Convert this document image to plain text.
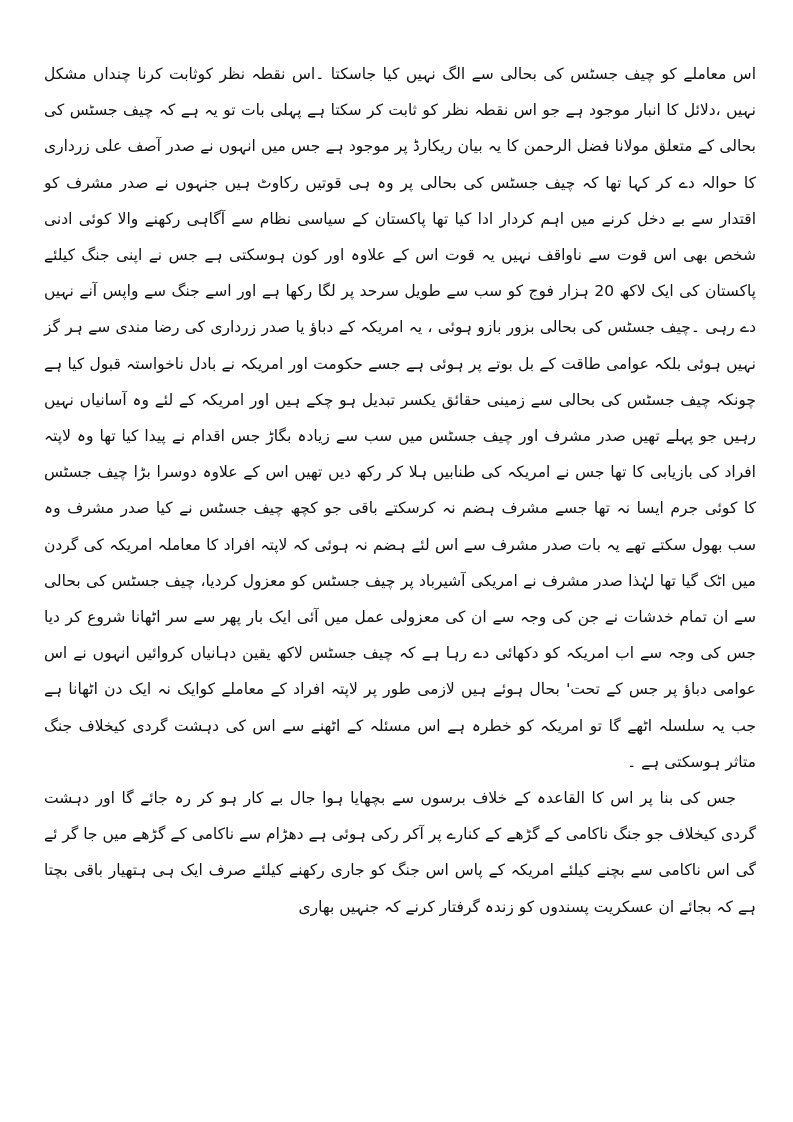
اس معاملے کو چیف جسٹس کی بحالی سے الگ نہیں کیا جاسکتا ۔اس نقطہ نظر کوثابت کرنا چنداں مشکل نہیں ،دلائل کا انبار موجود ہے جو اس نقطہ نظر کو ثابت کر سکتا ہے پہلی بات تو یہ ہے کہ چیف جسٹس کی بحالی کے متعلق مولانا فضل الرحمن کا یہ بیان ریکارڈ پر موجود ہے جس میں انہوں نے صدر آصف علی زرداری کا حوالہ دے کر کہا تھا کہ چیف جسٹس کی بحالی پر وہ ہی قوتیں رکاوٹ ہیں جنہوں نے صدر مشرف کو اقتدار سے بے دخل کرنے میں اہم کردار ادا کیا تھا پاکستان کے سیاسی نظام سے آگاہی رکھنے والا کوئی ادنی شخص بھی اس قوت سے ناواقف نہیں یہ قوت اس کے علاوہ اور کون ہوسکتی ہے جس نے اپنی جنگ کیلئے پاکستان کی ایک لاکھ 20 ہزار فوج کو سب سے طویل سرحد پر لگا رکھا ہے اور اسے جنگ سے واپس آنے نہیں دے رہی ۔چیف جسٹس کی بحالی بزور بازو ہوئی ، یہ امریکہ کے دباؤ یا صدر زرداری کی رضا مندی سے ہر گز نہیں ہوئی بلکہ عوامی طاقت کے بل بوتے پر ہوئی ہے جسے حکومت اور امریکہ نے بادل ناخواستہ قبول کیا ہے چونکہ چیف جسٹس کی بحالی سے زمینی حقائق یکسر تبدیل ہو چکے ہیں اور امریکہ کے لئے وہ آسانیاں نہیں رہیں جو پہلے تھیں صدر مشرف اور چیف جسٹس میں سب سے زیادہ بگاڑ جس اقدام نے پیدا کیا تھا وہ لاپتہ افراد کی بازیابی کا تھا جس نے امریکہ کی طنابیں ہلا کر رکھ دیں تھیں اس کے علاوہ دوسرا بڑا چیف جسٹس کا کوئی جرم ایسا نہ تھا جسے مشرف ہضم نہ کرسکتے باقی جو کچھ چیف جسٹس نے کیا صدر مشرف وہ سب بھول سکتے تھے یہ بات صدر مشرف سے اس لئے ہضم نہ ہوئی کہ لاپتہ افراد کا معاملہ امریکہ کی گردن میں اٹک گیا تھا لہٰذا صدر مشرف نے امریکی آشیرباد پر چیف جسٹس کو معزول کردیا، چیف جسٹس کی بحالی سے ان تمام خدشات نے جن کی وجہ سے ان کی معزولی عمل میں آئی ایک بار پھر سے سر اٹھانا شروع کر دیا جس کی وجہ سے اب امریکہ کو دکھائی دے رہا ہے کہ چیف جسٹس لاکھ یقین دہانیاں کروائیں انہوں نے اس عوامی دباؤ پر جس کے تحت' بحال ہوئے ہیں لازمی طور پر لاپتہ افراد کے معاملے کوایک نہ ایک دن اٹھانا ہے جب یہ سلسلہ اٹھے گا تو امریکہ کو خطرہ ہے اس مسئلہ کے اٹھنے سے اس کی دہشت گردی کیخلاف جنگ متاثر ہوسکتی ہے ۔

جس کی بنا پر اس کا القاعدہ کے خلاف برسوں سے بچھایا ہوا جال بے کار ہو کر رہ جائے گا اور دہشت گردی کیخلاف جو جنگ ناکامی کے گڑھے کے کنارے پر آکر رکی ہوئی ہے دھڑام سے ناکامی کے گڑھے میں جا گر ئے گی اس ناکامی سے بچنے کیلئے امریکہ کے پاس اس جنگ کو جاری رکھنے کیلئے صرف ایک ہی ہتھیار باقی بچتا ہے کہ بجائے ان عسکریت پسندوں کو زندہ گرفتار کرنے کہ جنہیں بھاری
